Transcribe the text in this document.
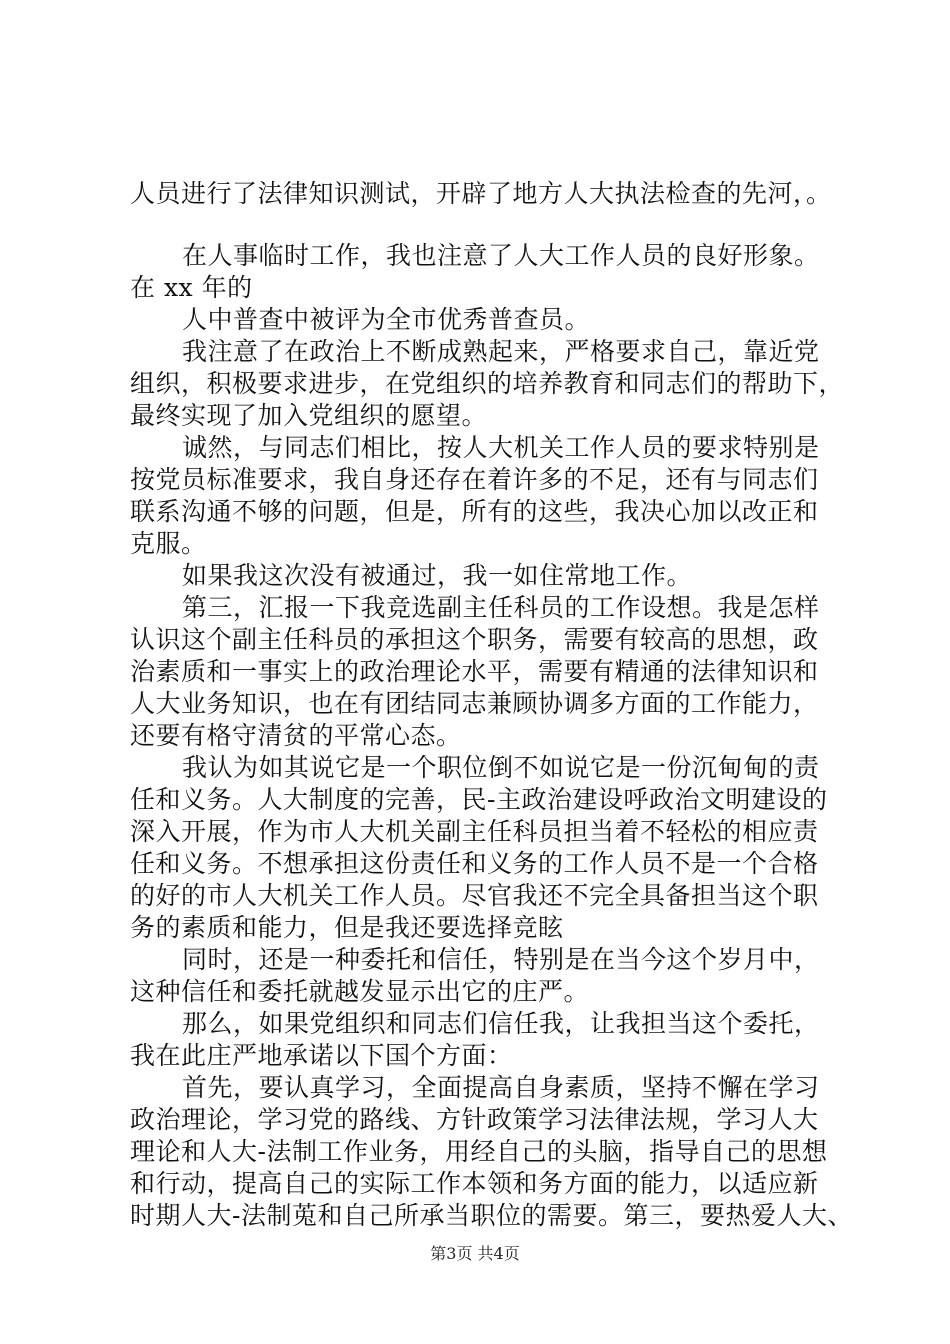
人员进行了法律知识测试，开辟了地方人大执法检查的先河，。
在人事临时工作，我也注意了人大工作人员的良好形象。
在 xx 年的
人中普查中被评为全市优秀普查员。
我注意了在政治上不断成熟起来，严格要求自己，靠近党
组织，积极要求进步，在党组织的培养教育和同志们的帮助下，
最终实现了加入党组织的愿望。
诚然，与同志们相比，按人大机关工作人员的要求特别是
按党员标准要求，我自身还存在着许多的不足，还有与同志们
联系沟通不够的问题，但是，所有的这些，我决心加以改正和
克服。
如果我这次没有被通过，我一如住常地工作。
第三，汇报一下我竞选副主任科员的工作设想。我是怎样
认识这个副主任科员的承担这个职务，需要有较高的思想，政
治素质和一事实上的政治理论水平，需要有精通的法律知识和
人大业务知识，也在有团结同志兼顾协调多方面的工作能力，
还要有格守清贫的平常心态。
我认为如其说它是一个职位倒不如说它是一份沉甸甸的责
任和义务。人大制度的完善，民-主政治建设呼政治文明建设的
深入开展，作为市人大机关副主任科员担当着不轻松的相应责
任和义务。不想承担这份责任和义务的工作人员不是一个合格
的好的市人大机关工作人员。尽官我还不完全具备担当这个职
务的素质和能力，但是我还要选择竞眩
同时，还是一种委托和信任，特别是在当今这个岁月中，
这种信任和委托就越发显示出它的庄严。
那么，如果党组织和同志们信任我，让我担当这个委托，
我在此庄严地承诺以下国个方面：
首先，要认真学习，全面提高自身素质，坚持不懈在学习
政治理论，学习党的路线、方针政策学习法律法规，学习人大
理论和人大-法制工作业务，用经自己的头脑，指导自己的思想
和行动，提高自己的实际工作本领和务方面的能力，以适应新
时期人大-法制莵和自己所承当职位的需要。第三，要热爱人大、
第3页 共4页
